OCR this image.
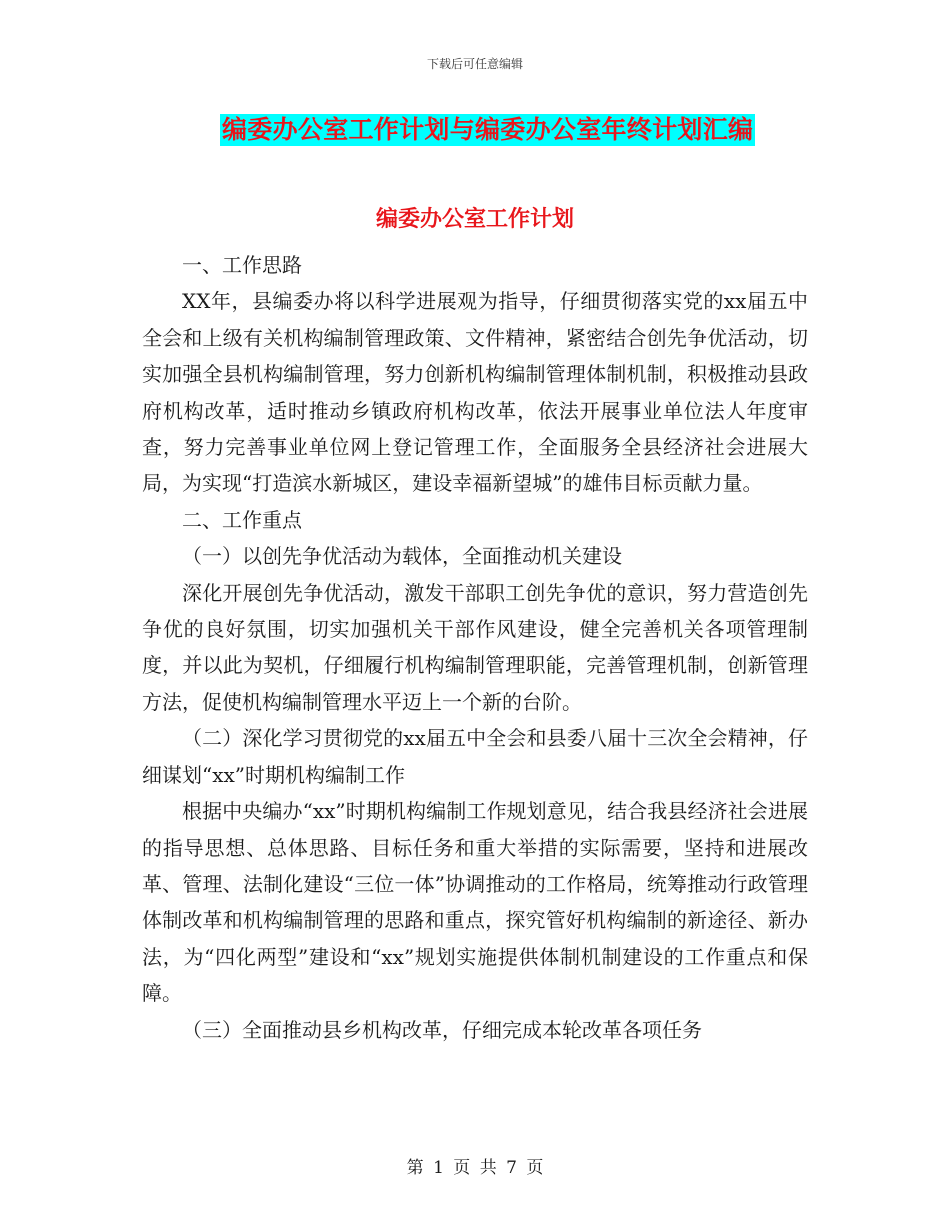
下载后可任意编辑
编委办公室工作计划与编委办公室年终计划汇编
编委办公室工作计划

一、工作思路

XX年，县编委办将以科学进展观为指导，仔细贯彻落实党的xx届五中全会和上级有关机构编制管理政策、文件精神，紧密结合创先争优活动，切实加强全县机构编制管理，努力创新机构编制管理体制机制，积极推动县政府机构改革，适时推动乡镇政府机构改革，依法开展事业单位法人年度审查，努力完善事业单位网上登记管理工作，全面服务全县经济社会进展大局，为实现“打造滨水新城区，建设幸福新望城”的雄伟目标贡献力量。

二、工作重点

（一）以创先争优活动为载体，全面推动机关建设

深化开展创先争优活动，激发干部职工创先争优的意识，努力营造创先争优的良好氛围，切实加强机关干部作风建设，健全完善机关各项管理制度，并以此为契机，仔细履行机构编制管理职能，完善管理机制，创新管理方法，促使机构编制管理水平迈上一个新的台阶。

（二）深化学习贯彻党的xx届五中全会和县委八届十三次全会精神，仔细谋划“xx”时期机构编制工作

根据中央编办“xx”时期机构编制工作规划意见，结合我县经济社会进展的指导思想、总体思路、目标任务和重大举措的实际需要，坚持和进展改革、管理、法制化建设“三位一体”协调推动的工作格局，统筹推动行政管理体制改革和机构编制管理的思路和重点，探究管好机构编制的新途径、新办法，为“四化两型”建设和“xx”规划实施提供体制机制建设的工作重点和保障。

（三）全面推动县乡机构改革，仔细完成本轮改革各项任务

第 1 页 共 7 页
